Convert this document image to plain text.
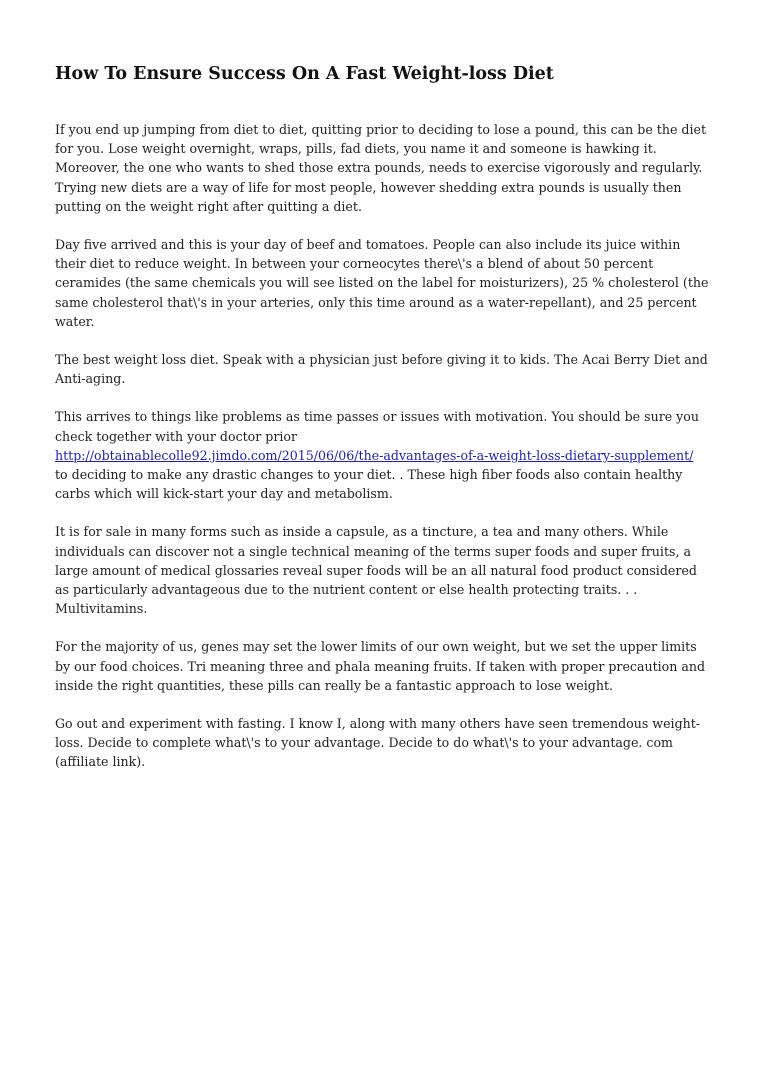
How To Ensure Success On A Fast Weight-loss Diet

If you end up jumping from diet to diet, quitting prior to deciding to lose a pound, this can be the diet for you. Lose weight overnight, wraps, pills, fad diets, you name it and someone is hawking it. Moreover, the one who wants to shed those extra pounds, needs to exercise vigorously and regularly. Trying new diets are a way of life for most people, however shedding extra pounds is usually then putting on the weight right after quitting a diet.

Day five arrived and this is your day of beef and tomatoes. People can also include its juice within their diet to reduce weight. In between your corneocytes there\'s a blend of about 50 percent ceramides (the same chemicals you will see listed on the label for moisturizers), 25 % cholesterol (the same cholesterol that\'s in your arteries, only this time around as a water-repellant), and 25 percent water.

The best weight loss diet. Speak with a physician just before giving it to kids. The Acai Berry Diet and Anti-aging.

This arrives to things like problems as time passes or issues with motivation. You should be sure you check together with your doctor prior
http://obtainablecolle92.jimdo.com/2015/06/06/the-advantages-of-a-weight-loss-dietary-supplement/
to deciding to make any drastic changes to your diet. . These high fiber foods also contain healthy carbs which will kick-start your day and metabolism.

It is for sale in many forms such as inside a capsule, as a tincture, a tea and many others. While individuals can discover not a single technical meaning of the terms super foods and super fruits, a large amount of medical glossaries reveal super foods will be an all natural food product considered as particularly advantageous due to the nutrient content or else health protecting traits. . . Multivitamins.

For the majority of us, genes may set the lower limits of our own weight, but we set the upper limits by our food choices. Tri meaning three and phala meaning fruits. If taken with proper precaution and inside the right quantities, these pills can really be a fantastic approach to lose weight.

Go out and experiment with fasting. I know I, along with many others have seen tremendous weight-loss. Decide to complete what\'s to your advantage. Decide to do what\'s to your advantage. com (affiliate link).
